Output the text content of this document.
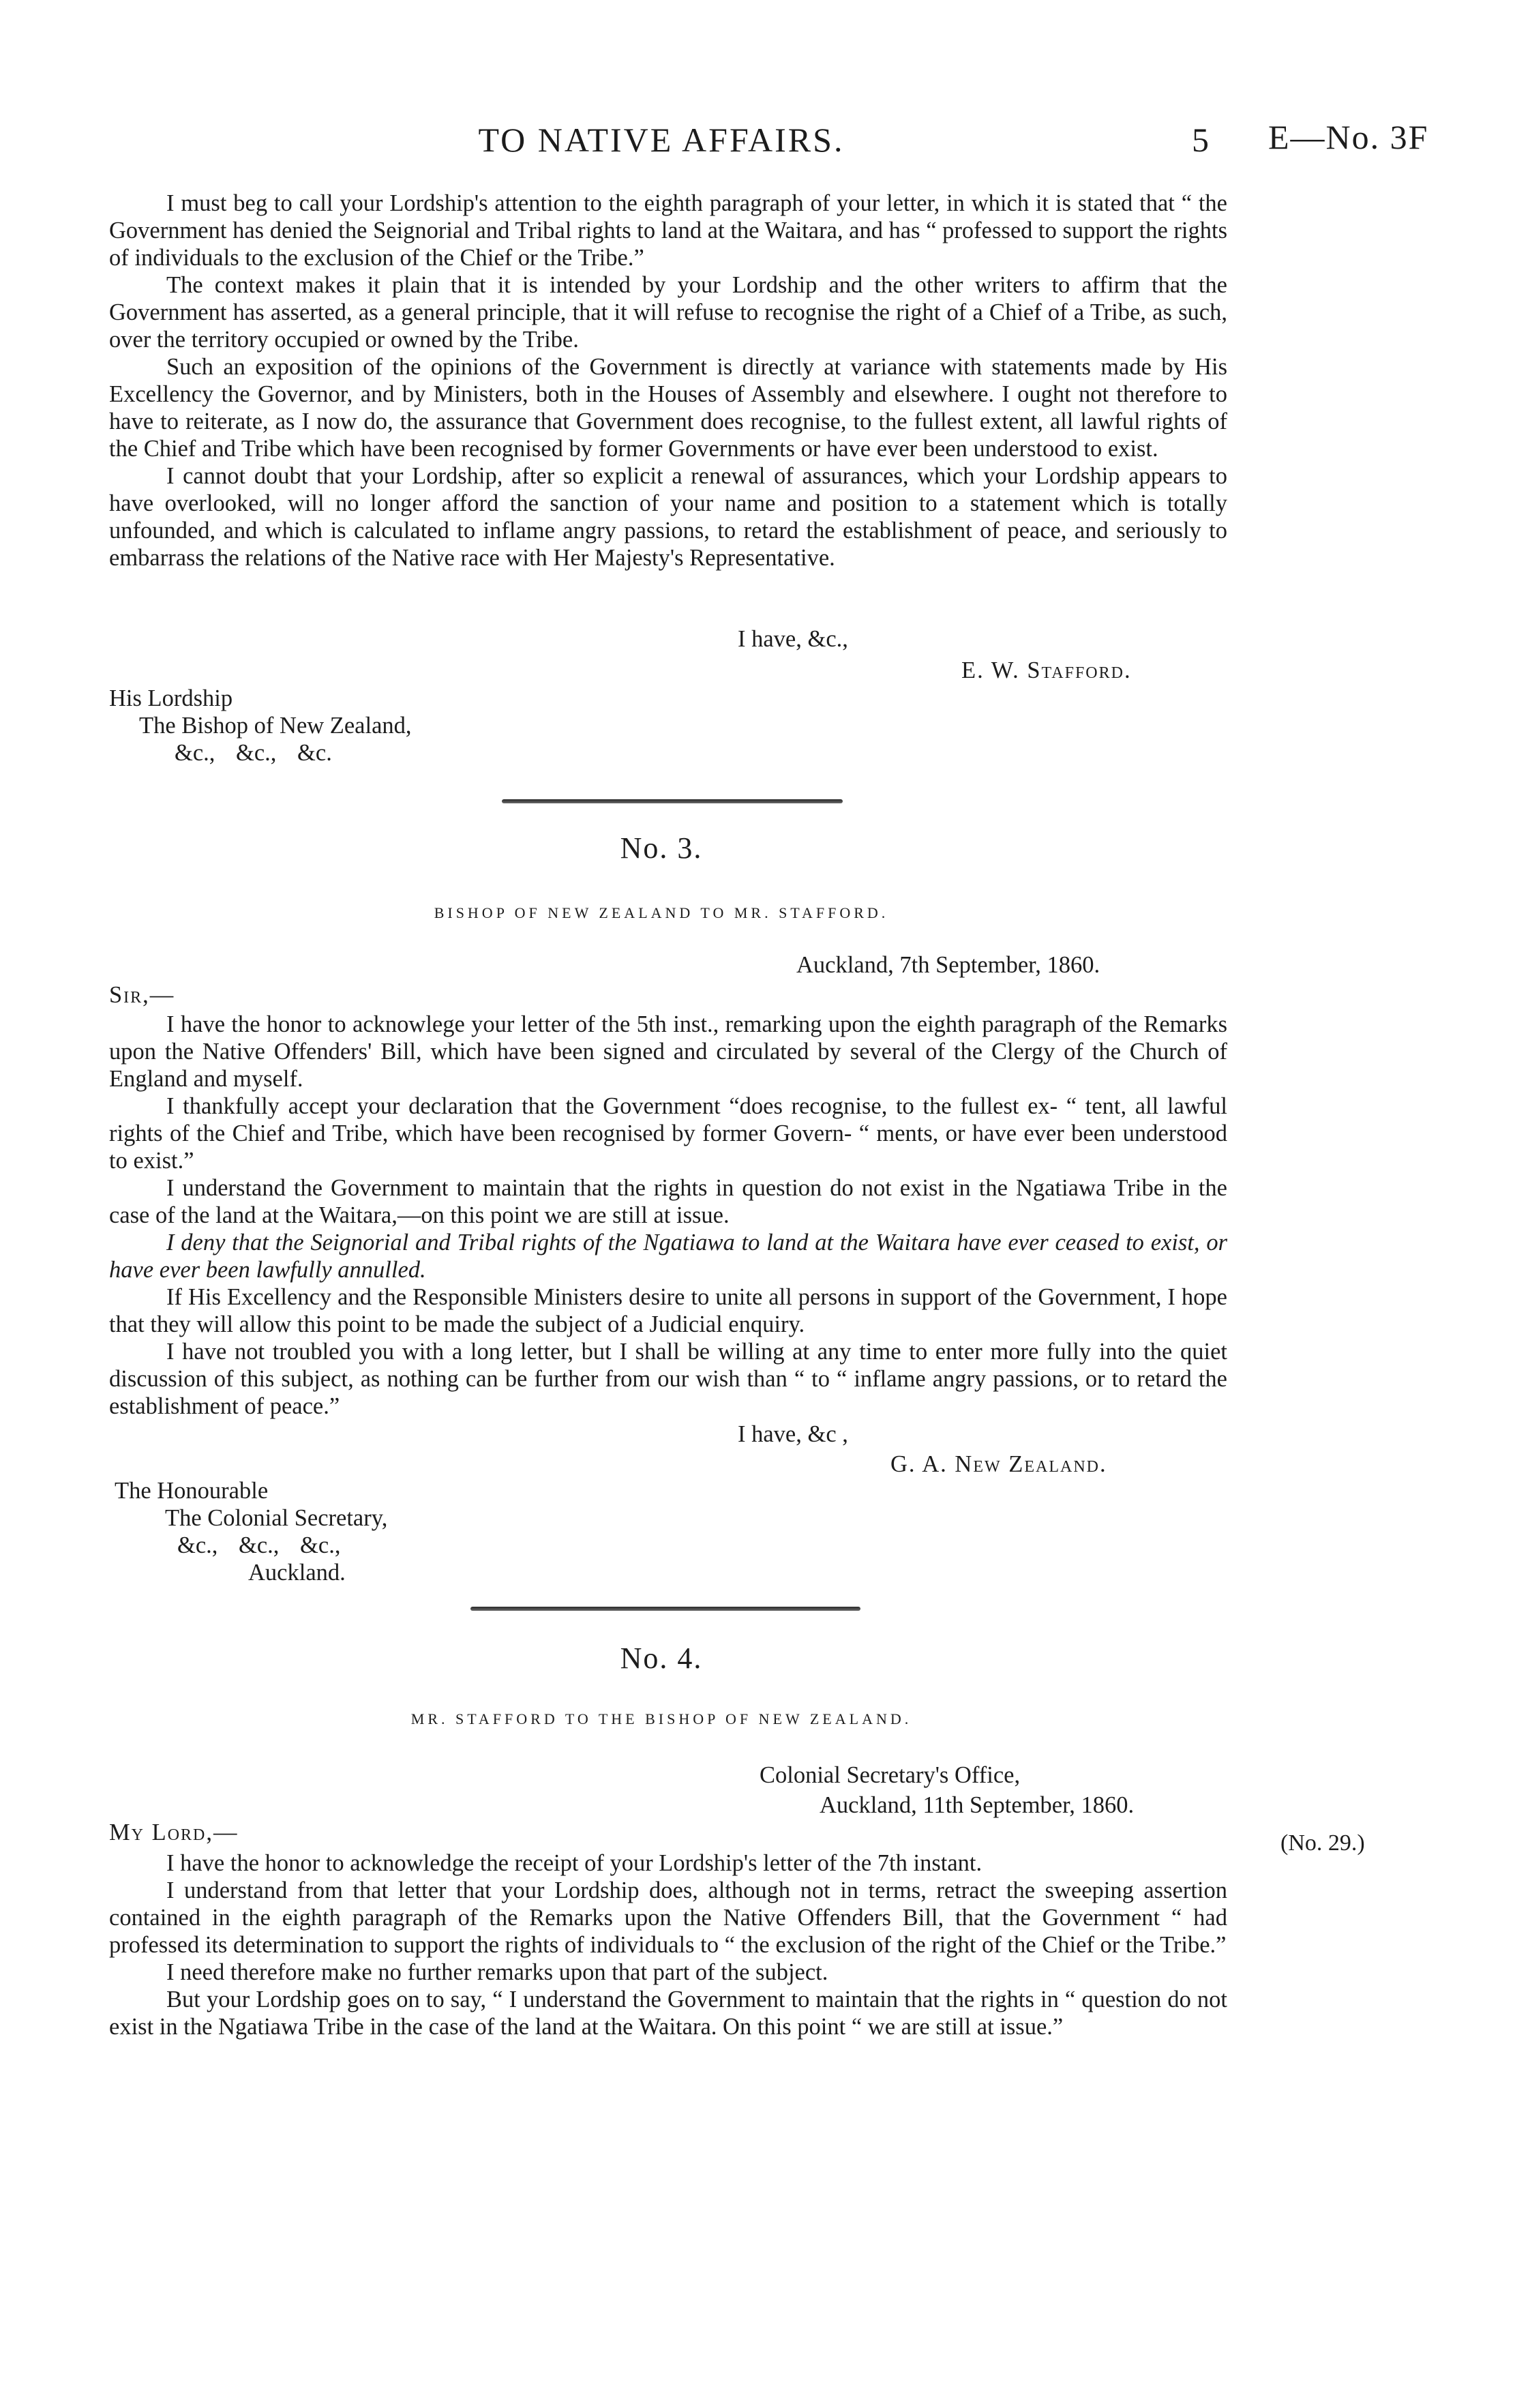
TO NATIVE AFFAIRS.	5 E—No. 3F

I must beg to call your Lordship's attention to the eighth paragraph of your letter, in which it is stated that “ the Government has denied the Seignorial and Tribal rights to land at the Waitara, and has “ professed to support the rights of individuals to the exclusion of the Chief or the Tribe.”

The context makes it plain that it is intended by your Lordship and the other writers to affirm that the Government has asserted, as a general principle, that it will refuse to recognise the right of a Chief of a Tribe, as such, over the territory occupied or owned by the Tribe.

Such an exposition of the opinions of the Government is directly at variance with statements made by His Excellency the Governor, and by Ministers, both in the Houses of Assembly and elsewhere. I ought not therefore to have to reiterate, as I now do, the assurance that Government does recognise, to the fullest extent, all lawful rights of the Chief and Tribe which have been recognised by former Governments or have ever been understood to exist.

I cannot doubt that your Lordship, after so explicit a renewal of assurances, which your Lordship appears to have overlooked, will no longer afford the sanction of your name and position to a statement which is totally unfounded, and which is calculated to inflame angry passions, to retard the establishment of peace, and seriously to embarrass the relations of the Native race with Her Majesty's Representative.

I have, &c.,
E. W. Stafford.
His Lordship
The Bishop of New Zealand,
&c., &c., &c.
No. 3.
BISHOP OF NEW ZEALAND TO MR. STAFFORD.
Auckland, 7th September, 1860.
Sir,—

I have the honor to acknowlege your letter of the 5th inst., remarking upon the eighth paragraph of the Remarks upon the Native Offenders' Bill, which have been signed and circulated by several of the Clergy of the Church of England and myself.

I thankfully accept your declaration that the Government “does recognise, to the fullest ex- “ tent, all lawful rights of the Chief and Tribe, which have been recognised by former Govern- “ ments, or have ever been understood to exist.”

I understand the Government to maintain that the rights in question do not exist in the Ngatiawa Tribe in the case of the land at the Waitara,—on this point we are still at issue.

I deny that the Seignorial and Tribal rights of the Ngatiawa to land at the Waitara have ever ceased to exist, or have ever been lawfully annulled.

If His Excellency and the Responsible Ministers desire to unite all persons in support of the Government, I hope that they will allow this point to be made the subject of a Judicial enquiry.

I have not troubled you with a long letter, but I shall be willing at any time to enter more fully into the quiet discussion of this subject, as nothing can be further from our wish than “ to “ inflame angry passions, or to retard the establishment of peace.”

I have, &c ,
G. A. New Zealand.
The Honourable
The Colonial Secretary,
&c., &c., &c.,
Auckland.
No. 4.
MR. STAFFORD TO THE BISHOP OF NEW ZEALAND.
Colonial Secretary's Office,
Auckland, 11th September, 1860.
My Lord,—	(No. 29.)

I have the honor to acknowledge the receipt of your Lordship's letter of the 7th instant.

I understand from that letter that your Lordship does, although not in terms, retract the sweeping assertion contained in the eighth paragraph of the Remarks upon the Native Offenders Bill, that the Government “ had professed its determination to support the rights of individuals to “ the exclusion of the right of the Chief or the Tribe.”

I need therefore make no further remarks upon that part of the subject.

But your Lordship goes on to say, “ I understand the Government to maintain that the rights in “ question do not exist in the Ngatiawa Tribe in the case of the land at the Waitara. On this point “ we are still at issue.”
